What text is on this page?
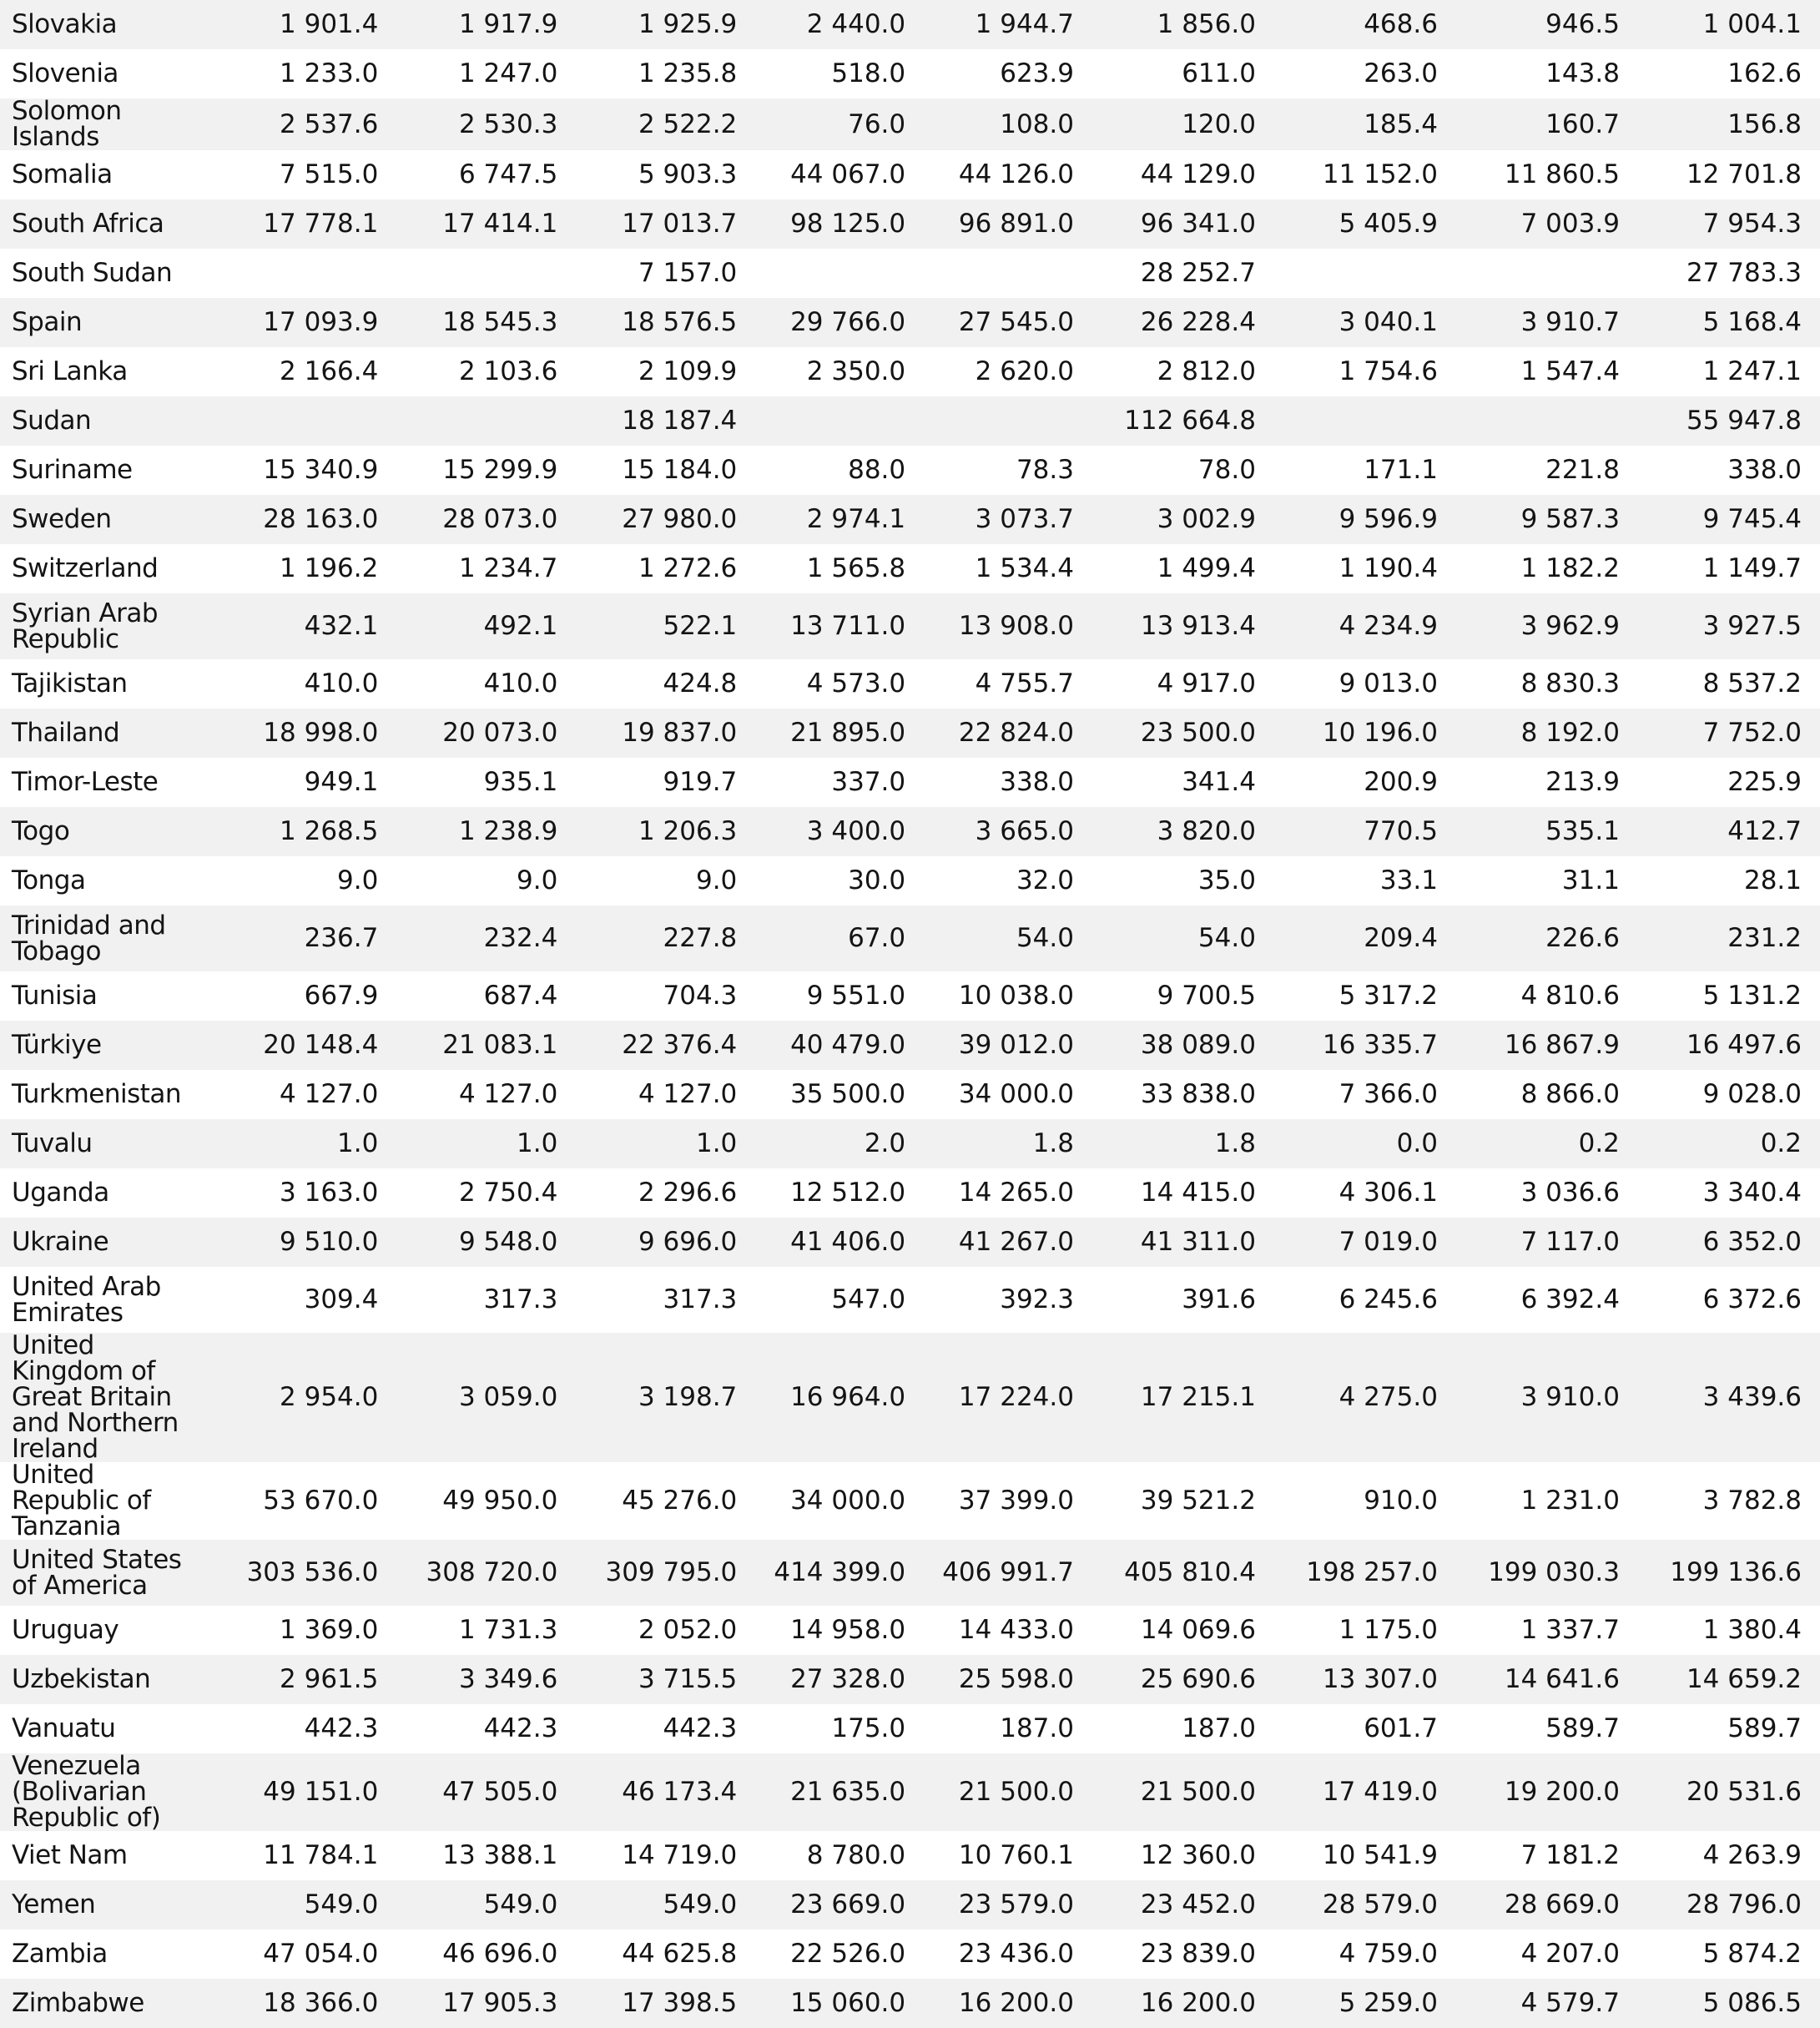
Slovakia	1 901.4	1 917.9	1 925.9	2 440.0	1 944.7	1 856.0	468.6	946.5	1 004.1
Slovenia	1 233.0	1 247.0	1 235.8	518.0	623.9	611.0	263.0	143.8	162.6
Solomon Islands	2 537.6	2 530.3	2 522.2	76.0	108.0	120.0	185.4	160.7	156.8
Somalia	7 515.0	6 747.5	5 903.3	44 067.0	44 126.0	44 129.0	11 152.0	11 860.5	12 701.8
South Africa	17 778.1	17 414.1	17 013.7	98 125.0	96 891.0	96 341.0	5 405.9	7 003.9	7 954.3
South Sudan			7 157.0			28 252.7			27 783.3
Spain	17 093.9	18 545.3	18 576.5	29 766.0	27 545.0	26 228.4	3 040.1	3 910.7	5 168.4
Sri Lanka	2 166.4	2 103.6	2 109.9	2 350.0	2 620.0	2 812.0	1 754.6	1 547.4	1 247.1
Sudan			18 187.4			112 664.8			55 947.8
Suriname	15 340.9	15 299.9	15 184.0	88.0	78.3	78.0	171.1	221.8	338.0
Sweden	28 163.0	28 073.0	27 980.0	2 974.1	3 073.7	3 002.9	9 596.9	9 587.3	9 745.4
Switzerland	1 196.2	1 234.7	1 272.6	1 565.8	1 534.4	1 499.4	1 190.4	1 182.2	1 149.7
Syrian Arab Republic	432.1	492.1	522.1	13 711.0	13 908.0	13 913.4	4 234.9	3 962.9	3 927.5
Tajikistan	410.0	410.0	424.8	4 573.0	4 755.7	4 917.0	9 013.0	8 830.3	8 537.2
Thailand	18 998.0	20 073.0	19 837.0	21 895.0	22 824.0	23 500.0	10 196.0	8 192.0	7 752.0
Timor-Leste	949.1	935.1	919.7	337.0	338.0	341.4	200.9	213.9	225.9
Togo	1 268.5	1 238.9	1 206.3	3 400.0	3 665.0	3 820.0	770.5	535.1	412.7
Tonga	9.0	9.0	9.0	30.0	32.0	35.0	33.1	31.1	28.1
Trinidad and Tobago	236.7	232.4	227.8	67.0	54.0	54.0	209.4	226.6	231.2
Tunisia	667.9	687.4	704.3	9 551.0	10 038.0	9 700.5	5 317.2	4 810.6	5 131.2
Türkiye	20 148.4	21 083.1	22 376.4	40 479.0	39 012.0	38 089.0	16 335.7	16 867.9	16 497.6
Turkmenistan	4 127.0	4 127.0	4 127.0	35 500.0	34 000.0	33 838.0	7 366.0	8 866.0	9 028.0
Tuvalu	1.0	1.0	1.0	2.0	1.8	1.8	0.0	0.2	0.2
Uganda	3 163.0	2 750.4	2 296.6	12 512.0	14 265.0	14 415.0	4 306.1	3 036.6	3 340.4
Ukraine	9 510.0	9 548.0	9 696.0	41 406.0	41 267.0	41 311.0	7 019.0	7 117.0	6 352.0
United Arab Emirates	309.4	317.3	317.3	547.0	392.3	391.6	6 245.6	6 392.4	6 372.6
United Kingdom of Great Britain and Northern Ireland	2 954.0	3 059.0	3 198.7	16 964.0	17 224.0	17 215.1	4 275.0	3 910.0	3 439.6
United Republic of Tanzania	53 670.0	49 950.0	45 276.0	34 000.0	37 399.0	39 521.2	910.0	1 231.0	3 782.8
United States of America	303 536.0	308 720.0	309 795.0	414 399.0	406 991.7	405 810.4	198 257.0	199 030.3	199 136.6
Uruguay	1 369.0	1 731.3	2 052.0	14 958.0	14 433.0	14 069.6	1 175.0	1 337.7	1 380.4
Uzbekistan	2 961.5	3 349.6	3 715.5	27 328.0	25 598.0	25 690.6	13 307.0	14 641.6	14 659.2
Vanuatu	442.3	442.3	442.3	175.0	187.0	187.0	601.7	589.7	589.7
Venezuela (Bolivarian Republic of)	49 151.0	47 505.0	46 173.4	21 635.0	21 500.0	21 500.0	17 419.0	19 200.0	20 531.6
Viet Nam	11 784.1	13 388.1	14 719.0	8 780.0	10 760.1	12 360.0	10 541.9	7 181.2	4 263.9
Yemen	549.0	549.0	549.0	23 669.0	23 579.0	23 452.0	28 579.0	28 669.0	28 796.0
Zambia	47 054.0	46 696.0	44 625.8	22 526.0	23 436.0	23 839.0	4 759.0	4 207.0	5 874.2
Zimbabwe	18 366.0	17 905.3	17 398.5	15 060.0	16 200.0	16 200.0	5 259.0	4 579.7	5 086.5
